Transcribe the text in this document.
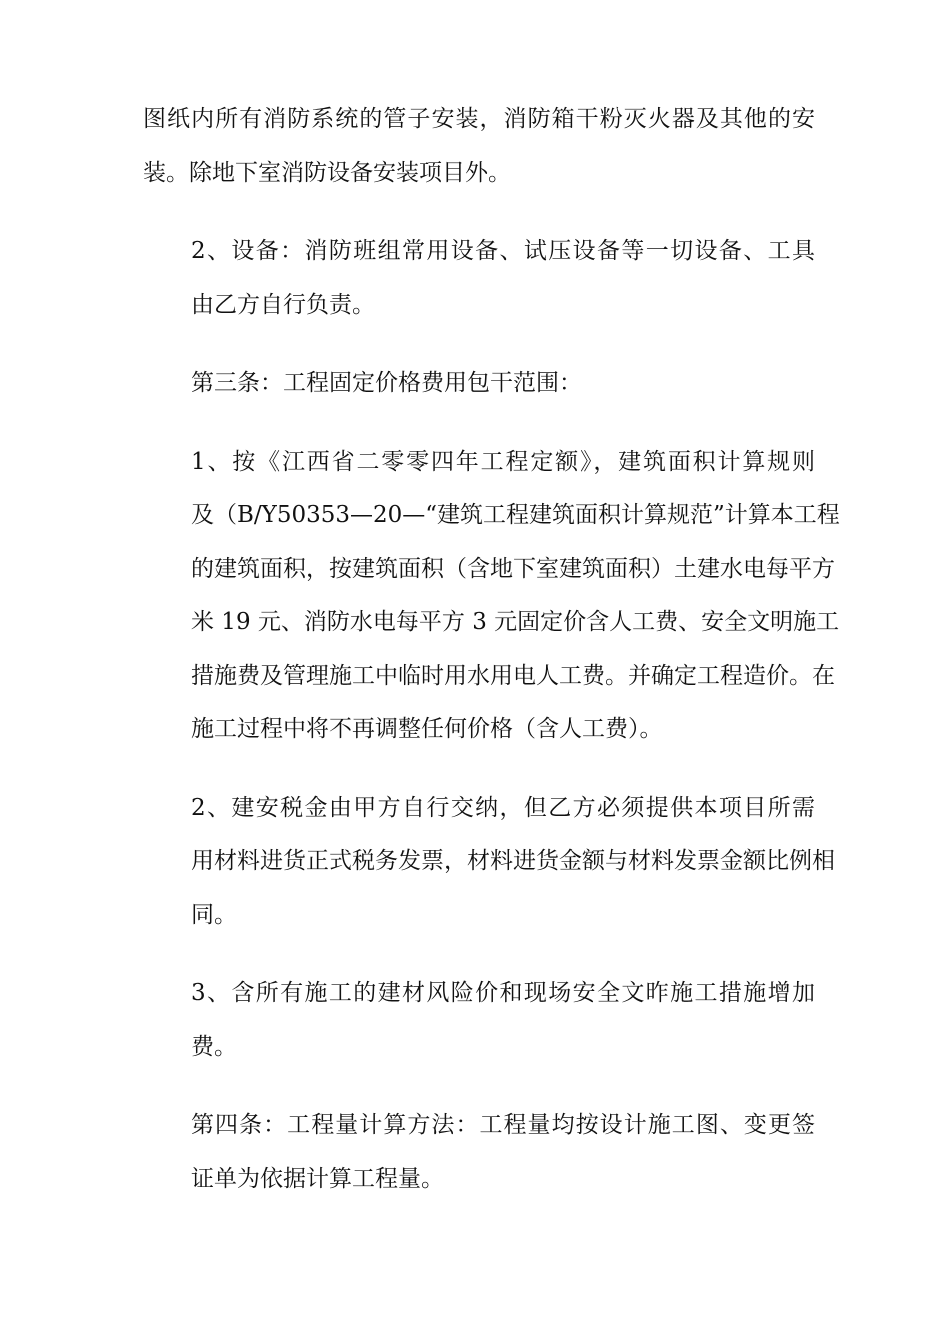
图纸内所有消防系统的管子安装，消防箱干粉灭火器及其他的安
装。除地下室消防设备安装项目外。

2、设备：消防班组常用设备、试压设备等一切设备、工具
由乙方自行负责。

第三条：工程固定价格费用包干范围：

1、按《江西省二零零四年工程定额》，建筑面积计算规则
及（B/Y50353—20—“建筑工程建筑面积计算规范”计算本工程
的建筑面积，按建筑面积（含地下室建筑面积）土建水电每平方
米 19 元、消防水电每平方 3 元固定价含人工费、安全文明施工
措施费及管理施工中临时用水用电人工费。并确定工程造价。在
施工过程中将不再调整任何价格（含人工费）。

2、建安税金由甲方自行交纳，但乙方必须提供本项目所需
用材料进货正式税务发票，材料进货金额与材料发票金额比例相
同。

3、含所有施工的建材风险价和现场安全文昨施工措施增加
费。

第四条：工程量计算方法：工程量均按设计施工图、变更签
证单为依据计算工程量。
